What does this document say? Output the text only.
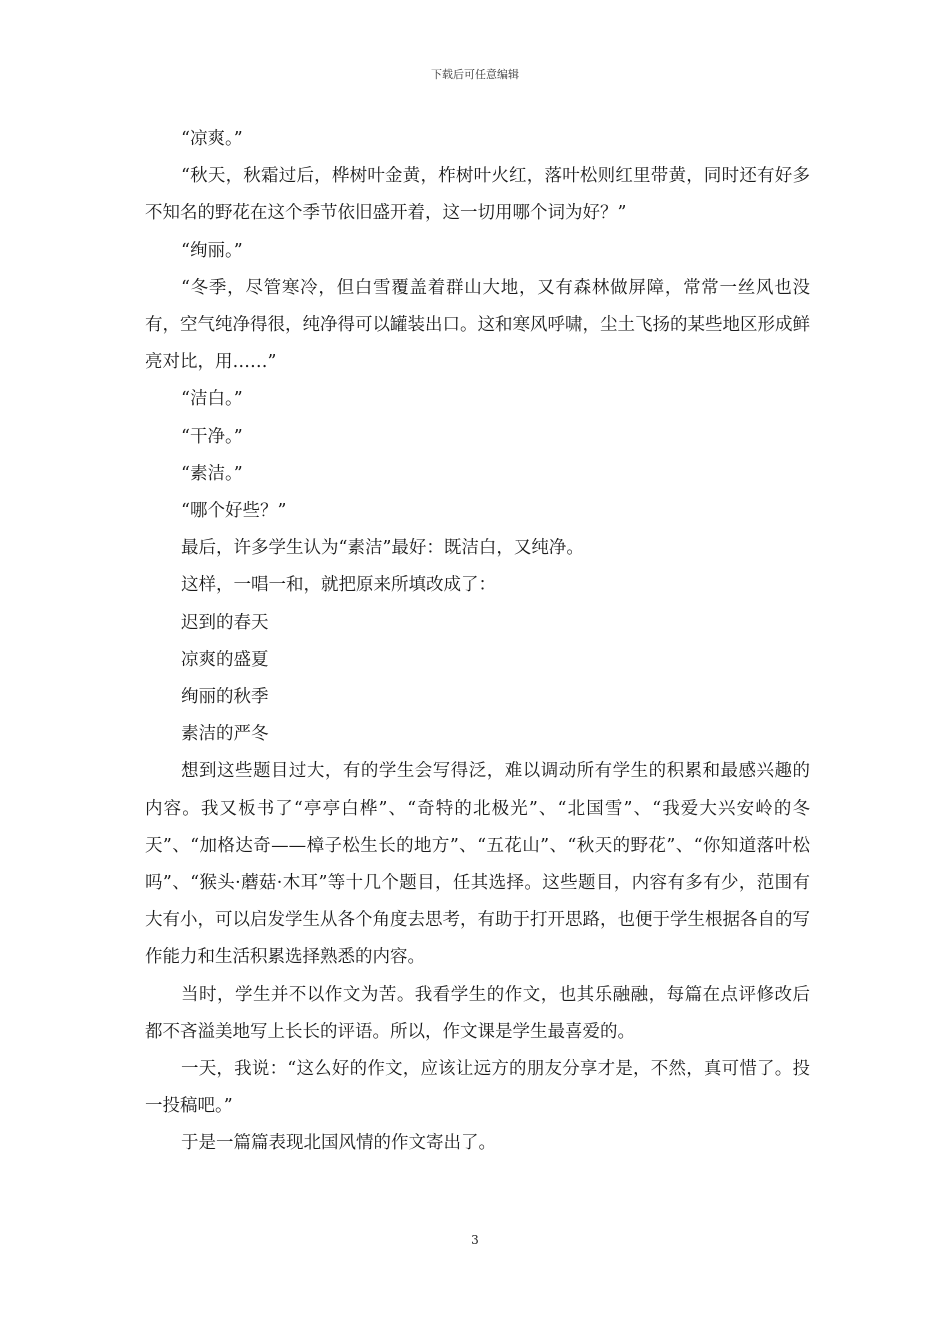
下载后可任意编辑

“凉爽。”

“秋天，秋霜过后，桦树叶金黄，柞树叶火红，落叶松则红里带黄，同时还有好多不知名的野花在这个季节依旧盛开着，这一切用哪个词为好？”

“绚丽。”

“冬季，尽管寒冷，但白雪覆盖着群山大地，又有森林做屏障，常常一丝风也没有，空气纯净得很，纯净得可以罐装出口。这和寒风呼啸，尘土飞扬的某些地区形成鲜亮对比，用……”

“洁白。”

“干净。”

“素洁。”

“哪个好些？”

最后，许多学生认为“素洁”最好：既洁白，又纯净。

这样，一唱一和，就把原来所填改成了：

迟到的春天

凉爽的盛夏

绚丽的秋季

素洁的严冬

想到这些题目过大，有的学生会写得泛，难以调动所有学生的积累和最感兴趣的内容。我又板书了“亭亭白桦”、“奇特的北极光”、“北国雪”、“我爱大兴安岭的冬天”、“加格达奇——樟子松生长的地方”、“五花山”、“秋天的野花”、“你知道落叶松吗”、“猴头·蘑菇·木耳”等十几个题目，任其选择。这些题目，内容有多有少，范围有大有小，可以启发学生从各个角度去思考，有助于打开思路，也便于学生根据各自的写作能力和生活积累选择熟悉的内容。

当时，学生并不以作文为苦。我看学生的作文，也其乐融融，每篇在点评修改后都不吝溢美地写上长长的评语。所以，作文课是学生最喜爱的。

一天，我说：“这么好的作文，应该让远方的朋友分享才是，不然，真可惜了。投一投稿吧。”

于是一篇篇表现北国风情的作文寄出了。

3
